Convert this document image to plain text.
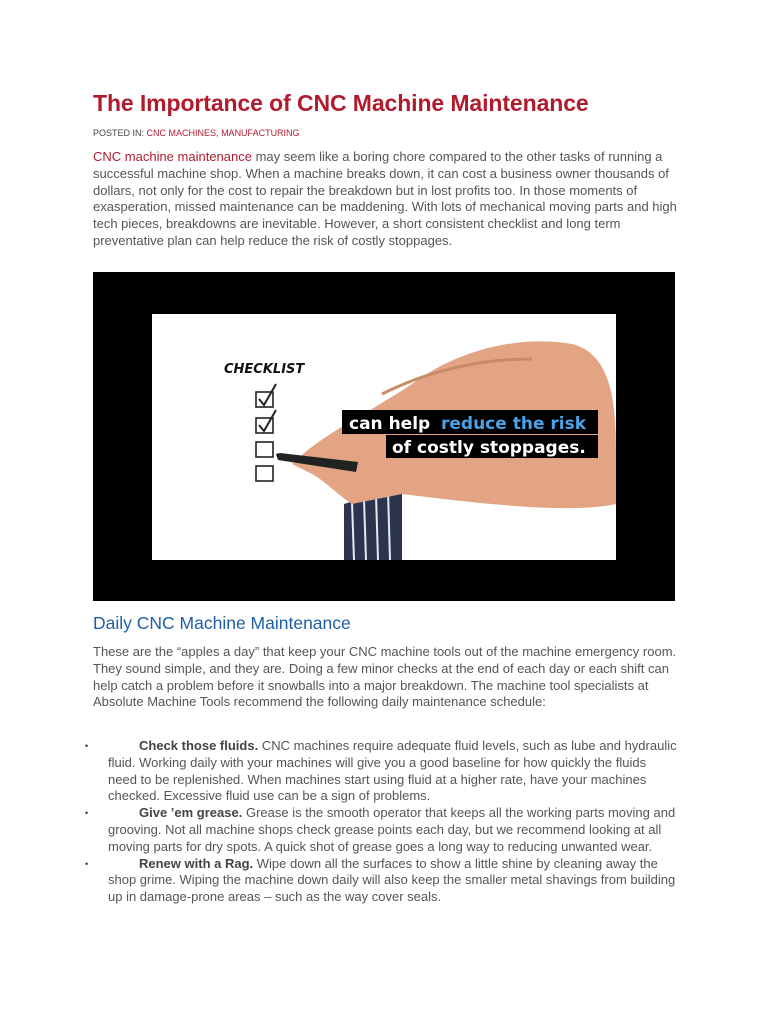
The Importance of CNC Machine Maintenance
POSTED IN: CNC MACHINES, MANUFACTURING

CNC machine maintenance may seem like a boring chore compared to the other tasks of running a successful machine shop. When a machine breaks down, it can cost a business owner thousands of dollars, not only for the cost to repair the breakdown but in lost profits too. In those moments of exasperation, missed maintenance can be maddening. With lots of mechanical moving parts and high tech pieces, breakdowns are inevitable. However, a short consistent checklist and long term preventative plan can help reduce the risk of costly stoppages.

CHECKLIST
can help reduce the risk
of costly stoppages.
Daily CNC Machine Maintenance

These are the “apples a day” that keep your CNC machine tools out of the machine emergency room. They sound simple, and they are. Doing a few minor checks at the end of each day or each shift can help catch a problem before it snowballs into a major breakdown. The machine tool specialists at Absolute Machine Tools recommend the following daily maintenance schedule:

•	Check those fluids. CNC machines require adequate fluid levels, such as lube and hydraulic fluid. Working daily with your machines will give you a good baseline for how quickly the fluids need to be replenished. When machines start using fluid at a higher rate, have your machines checked. Excessive fluid use can be a sign of problems.
•	Give ’em grease. Grease is the smooth operator that keeps all the working parts moving and grooving. Not all machine shops check grease points each day, but we recommend looking at all moving parts for dry spots. A quick shot of grease goes a long way to reducing unwanted wear.
•	Renew with a Rag. Wipe down all the surfaces to show a little shine by cleaning away the shop grime. Wiping the machine down daily will also keep the smaller metal shavings from building up in damage-prone areas – such as the way cover seals.
